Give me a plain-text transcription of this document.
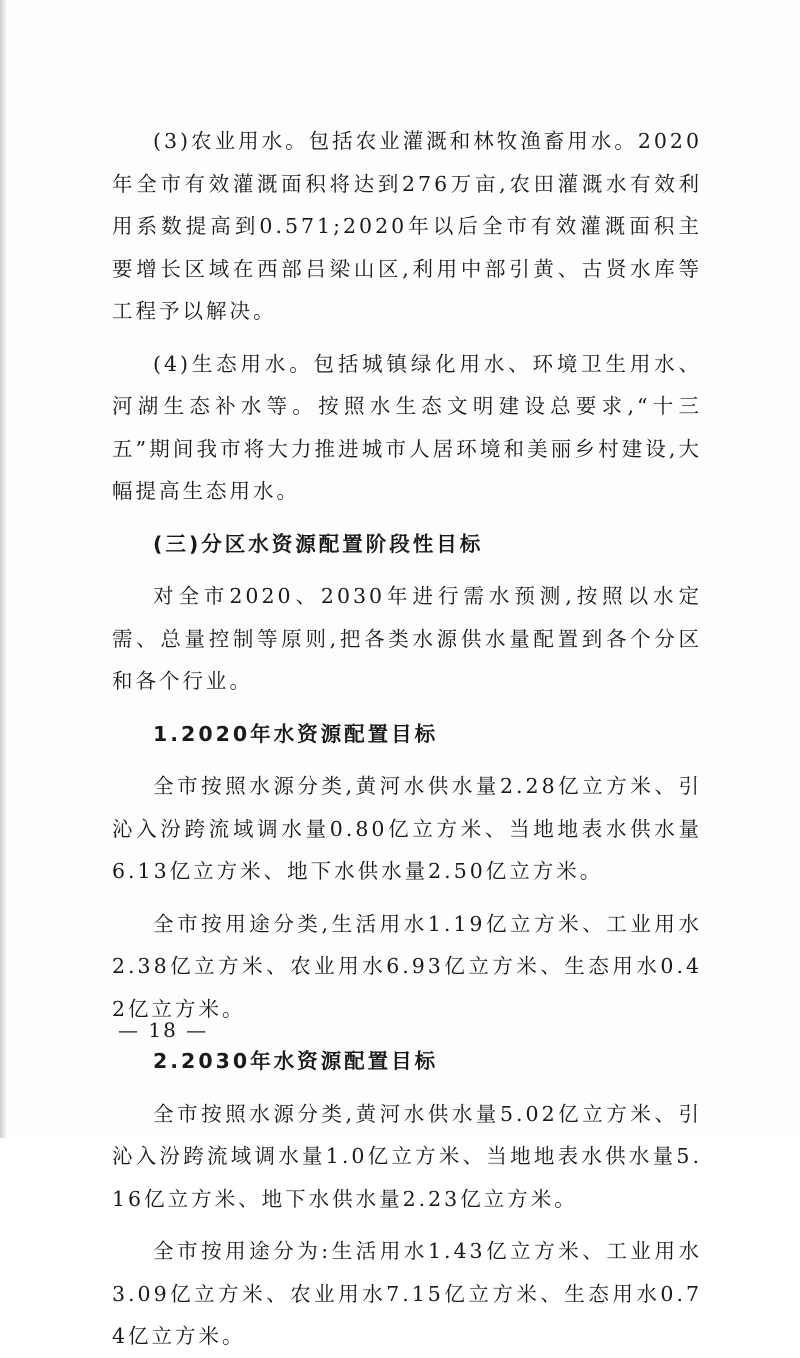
(3)农业用水。包括农业灌溉和林牧渔畜用水。2020年全市有效灌溉面积将达到276万亩,农田灌溉水有效利用系数提高到0.571;2020年以后全市有效灌溉面积主要增长区域在西部吕梁山区,利用中部引黄、古贤水库等工程予以解决。

(4)生态用水。包括城镇绿化用水、环境卫生用水、河湖生态补水等。按照水生态文明建设总要求,“十三五”期间我市将大力推进城市人居环境和美丽乡村建设,大幅提高生态用水。

(三)分区水资源配置阶段性目标

对全市2020、2030年进行需水预测,按照以水定需、总量控制等原则,把各类水源供水量配置到各个分区和各个行业。

1.2020年水资源配置目标

全市按照水源分类,黄河水供水量2.28亿立方米、引沁入汾跨流域调水量0.80亿立方米、当地地表水供水量6.13亿立方米、地下水供水量2.50亿立方米。

全市按用途分类,生活用水1.19亿立方米、工业用水2.38亿立方米、农业用水6.93亿立方米、生态用水0.42亿立方米。

2.2030年水资源配置目标

全市按照水源分类,黄河水供水量5.02亿立方米、引沁入汾跨流域调水量1.0亿立方米、当地地表水供水量5.16亿立方米、地下水供水量2.23亿立方米。

全市按用途分为:生活用水1.43亿立方米、工业用水3.09亿立方米、农业用水7.15亿立方米、生态用水0.74亿立方米。

— 18 —
